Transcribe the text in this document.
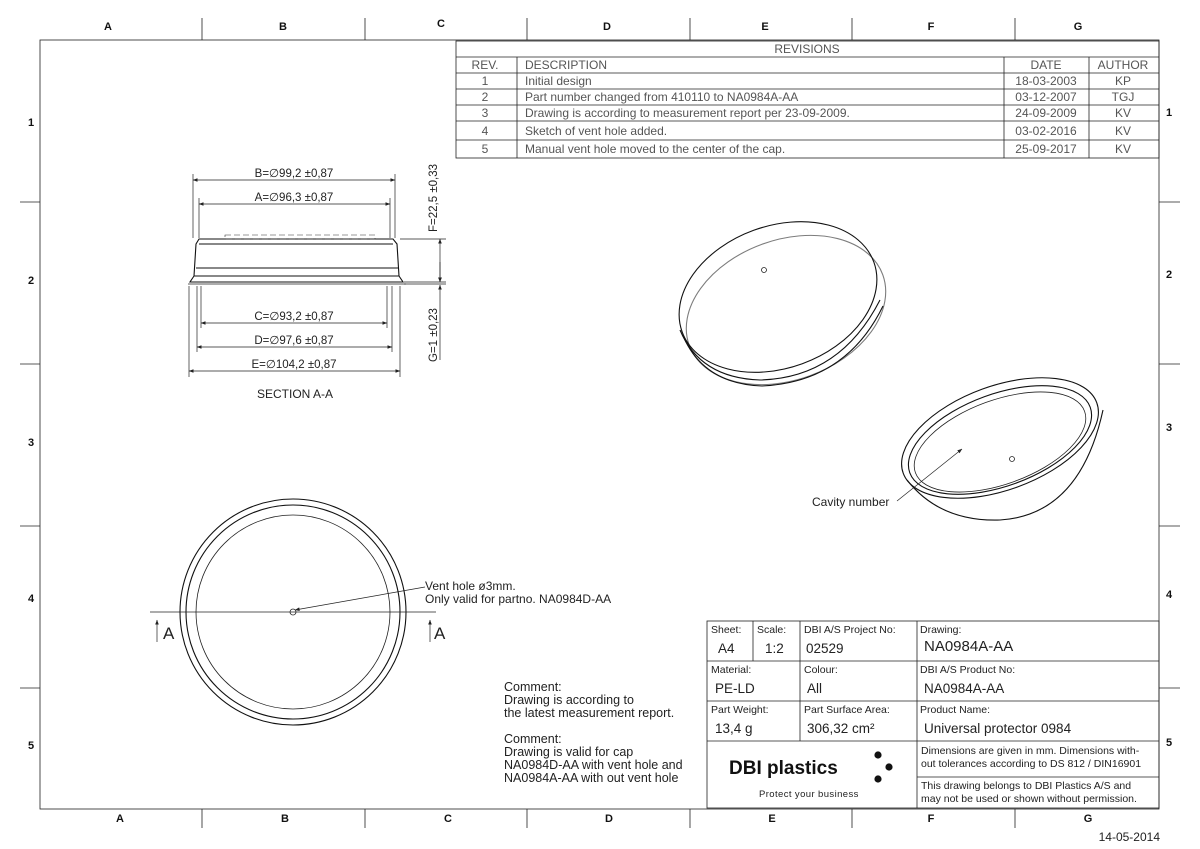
A	B	C	D	E	F	G
A	B	C	D	E	F	G
1
2
3
4
5
1
2
3
4
5
14-05-2014
REVISIONS
REV. DESCRIPTION	DATE	AUTHOR
1	Initial design	18-03-2003	KP
2	Part number changed from 410110 to NA0984A-AA	03-12-2007	TGJ
3	Drawing is according to measurement report per 23-09-2009.	24-09-2009	KV
4	Sketch of vent hole added.	03-02-2016	KV
5	Manual vent hole moved to the center of the cap.	25-09-2017	KV
B=∅99,2 ±0,87
A=∅96,3 ±0,87
C=∅93,2 ±0,87
D=∅97,6 ±0,87
E=∅104,2 ±0,87
F=22,5 ±0,33
G=1 ±0,23
SECTION A-A
A	A
Vent hole ø3mm.
Only valid for partno. NA0984D-AA
Cavity number
Comment:
Drawing is according to
the latest measurement report.
Comment:
Drawing is valid for cap
NA0984D-AA with vent hole and
NA0984A-AA with out vent hole
Sheet:
A4
Scale:
1:2
DBI A/S Project No:
02529
Drawing:
NA0984A-AA
Material:
PE-LD
Colour:
All
DBI A/S Product No:
NA0984A-AA
Part Weight:
13,4 g
Part Surface Area:
306,32 cm²
Product Name:
Universal protector 0984
Dimensions are given in mm. Dimensions with-
out tolerances according to DS 812 / DIN16901
This drawing belongs to DBI Plastics A/S and
may not be used or shown without permission.
DBI plastics
Protect your business
